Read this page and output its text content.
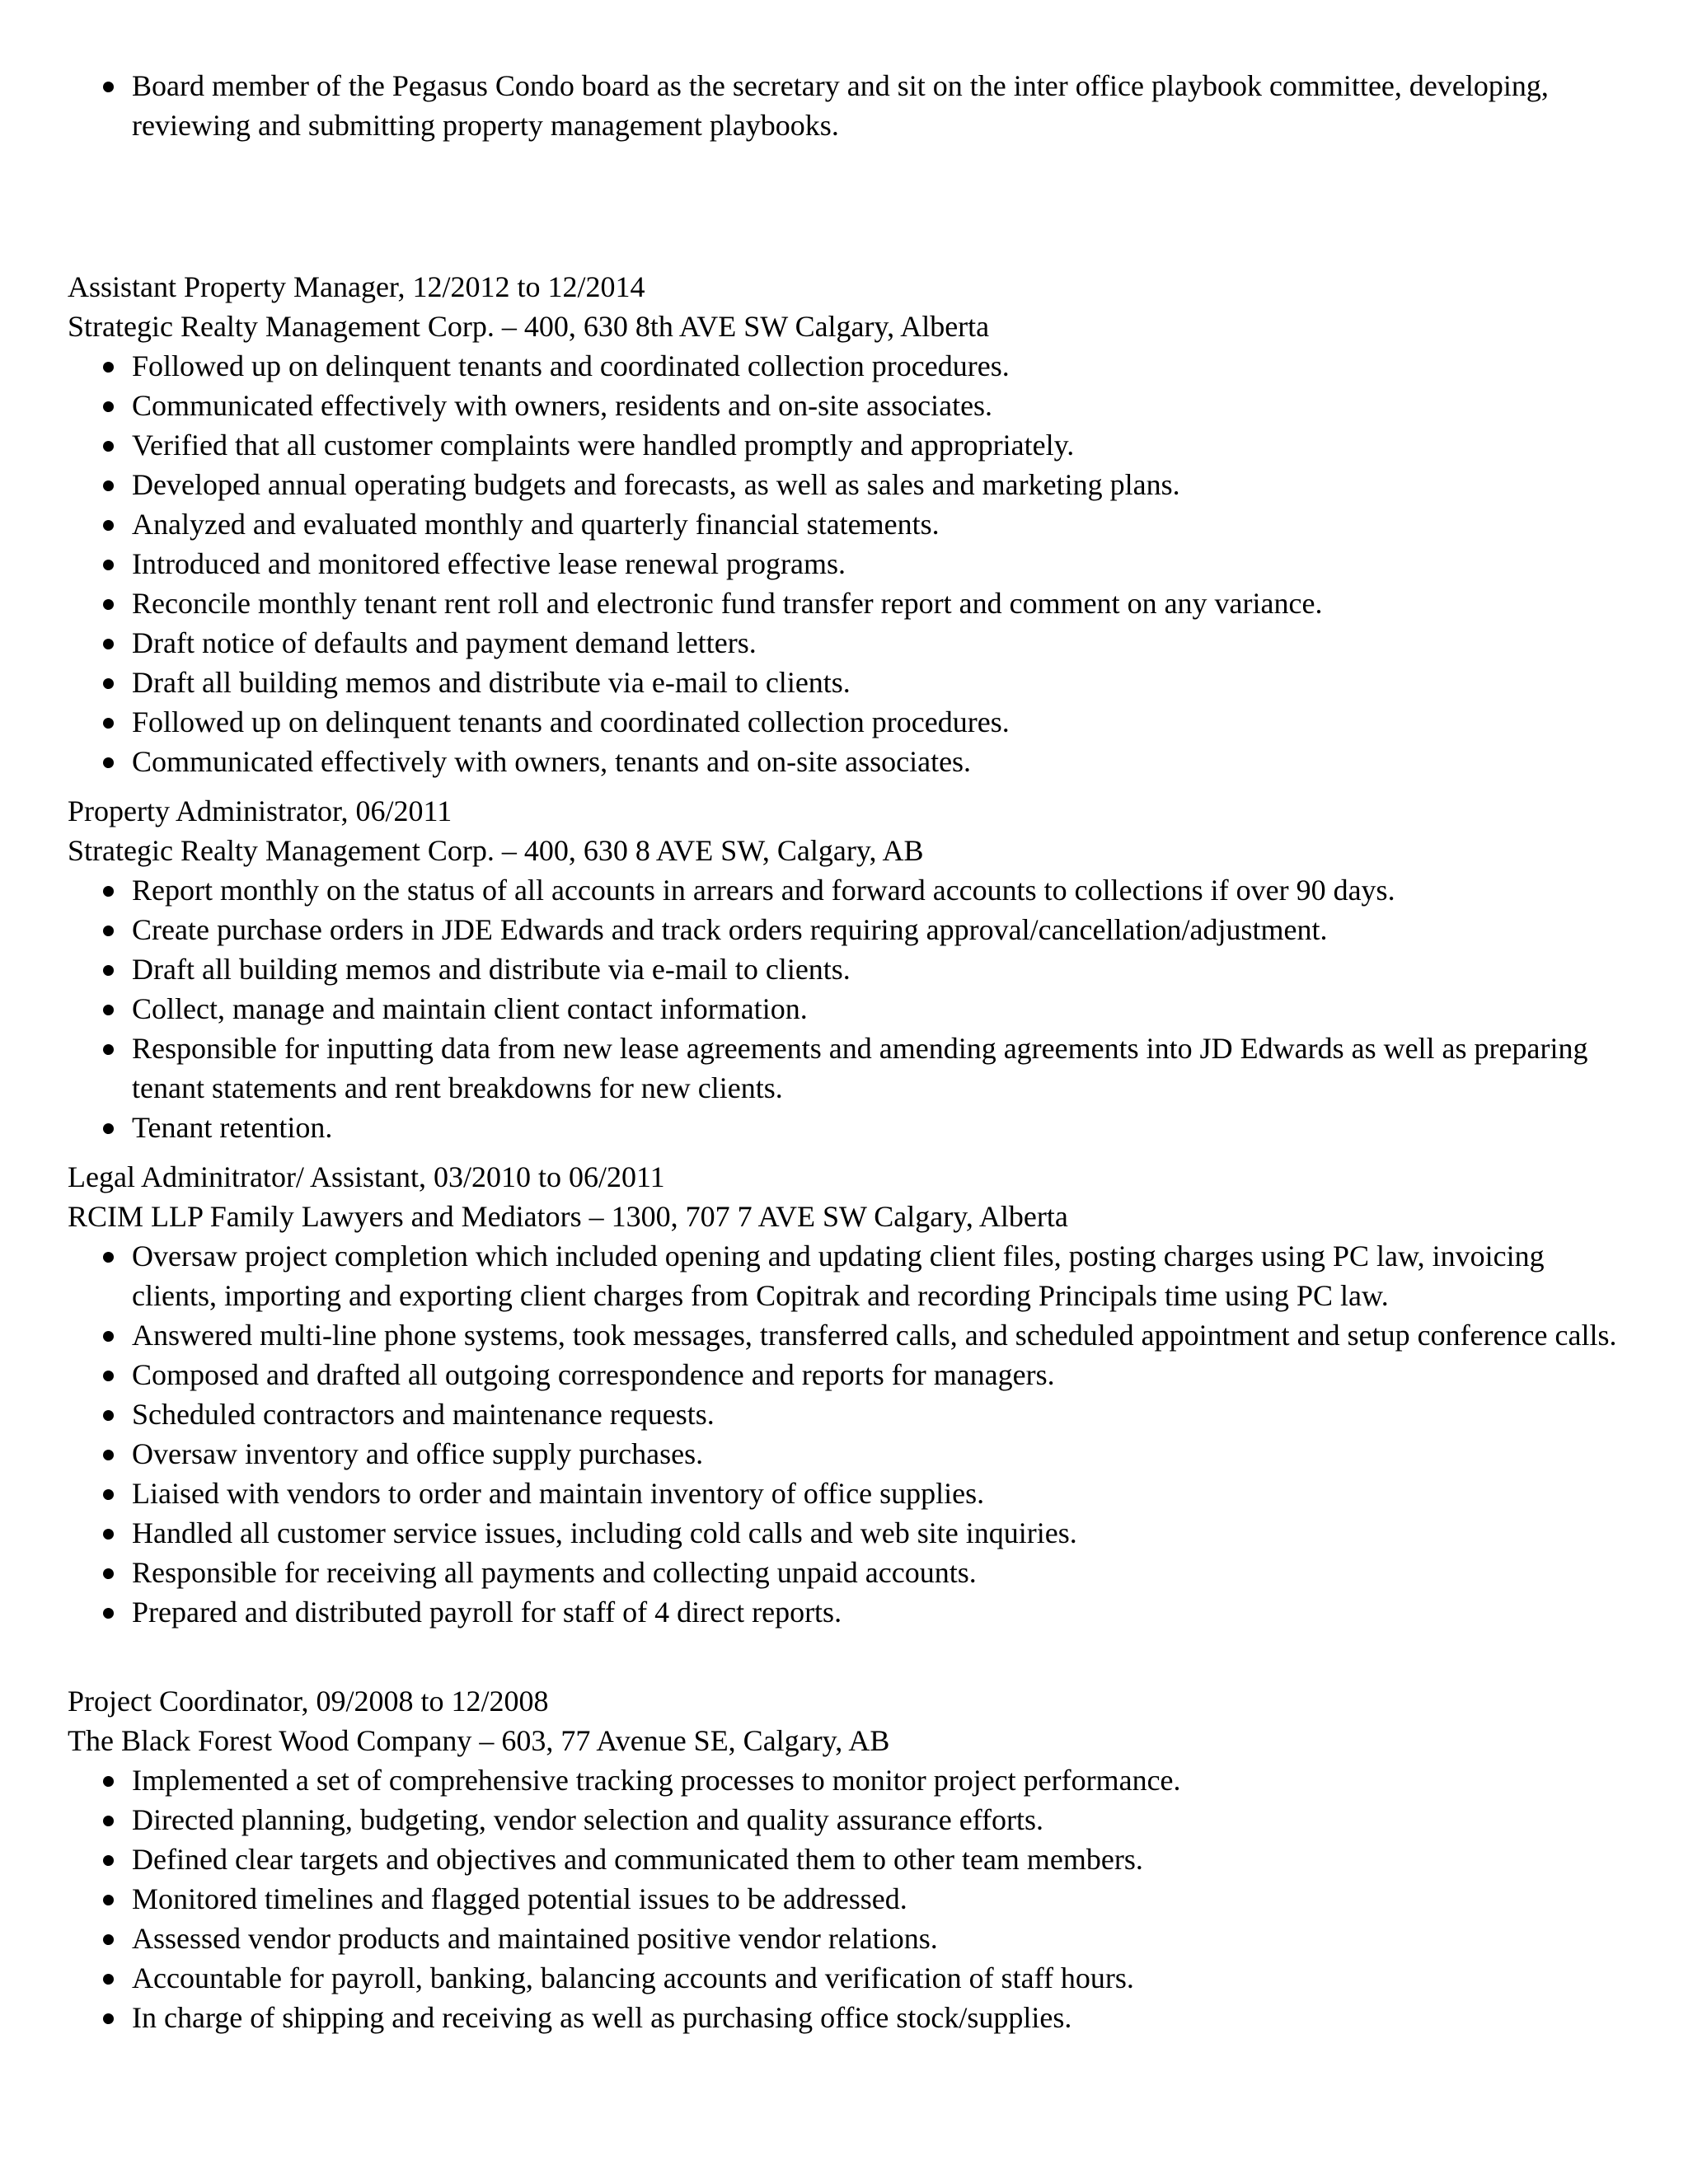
Board member of the Pegasus Condo board as the secretary and sit on the inter office playbook committee, developing, reviewing and submitting property management playbooks.

Assistant Property Manager, 12/2012 to 12/2014

Strategic Realty Management Corp. – 400, 630 8th AVE SW Calgary, Alberta

Followed up on delinquent tenants and coordinated collection procedures.
Communicated effectively with owners, residents and on-site associates.
Verified that all customer complaints were handled promptly and appropriately.
Developed annual operating budgets and forecasts, as well as sales and marketing plans.
Analyzed and evaluated monthly and quarterly financial statements.
Introduced and monitored effective lease renewal programs.
Reconcile monthly tenant rent roll and electronic fund transfer report and comment on any variance.
Draft notice of defaults and payment demand letters.
Draft all building memos and distribute via e-mail to clients.
Followed up on delinquent tenants and coordinated collection procedures.
Communicated effectively with owners, tenants and on-site associates.

Property Administrator, 06/2011

Strategic Realty Management Corp. – 400, 630 8 AVE SW, Calgary, AB

Report monthly on the status of all accounts in arrears and forward accounts to collections if over 90 days.
Create purchase orders in JDE Edwards and track orders requiring approval/cancellation/adjustment.
Draft all building memos and distribute via e-mail to clients.
Collect, manage and maintain client contact information.
Responsible for inputting data from new lease agreements and amending agreements into JD Edwards as well as preparing tenant statements and rent breakdowns for new clients.
Tenant retention.

Legal Adminitrator/ Assistant, 03/2010 to 06/2011

RCIM LLP Family Lawyers and Mediators – 1300, 707 7 AVE SW Calgary, Alberta

Oversaw project completion which included opening and updating client files, posting charges using PC law, invoicing clients, importing and exporting client charges from Copitrak and recording Principals time using PC law.
Answered multi-line phone systems, took messages, transferred calls, and scheduled appointment and setup conference calls.
Composed and drafted all outgoing correspondence and reports for managers.
Scheduled contractors and maintenance requests.
Oversaw inventory and office supply purchases.
Liaised with vendors to order and maintain inventory of office supplies.
Handled all customer service issues, including cold calls and web site inquiries.
Responsible for receiving all payments and collecting unpaid accounts.
Prepared and distributed payroll for staff of 4 direct reports.

Project Coordinator, 09/2008 to 12/2008

The Black Forest Wood Company – 603, 77 Avenue SE, Calgary, AB

Implemented a set of comprehensive tracking processes to monitor project performance.
Directed planning, budgeting, vendor selection and quality assurance efforts.
Defined clear targets and objectives and communicated them to other team members.
Monitored timelines and flagged potential issues to be addressed.
Assessed vendor products and maintained positive vendor relations.
Accountable for payroll, banking, balancing accounts and verification of staff hours.
In charge of shipping and receiving as well as purchasing office stock/supplies.
